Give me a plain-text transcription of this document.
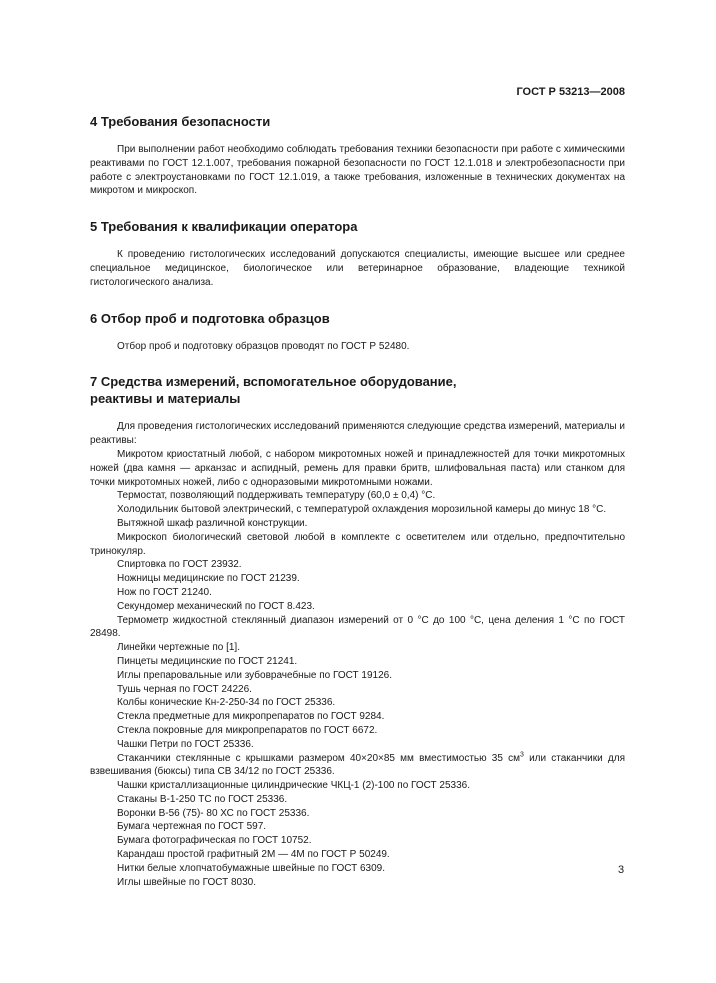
ГОСТ Р 53213—2008
4 Требования безопасности

При выполнении работ необходимо соблюдать требования техники безопасности при работе с химическими реактивами по ГОСТ 12.1.007, требования пожарной безопасности по ГОСТ 12.1.018 и электробезопасности при работе с электроустановками по ГОСТ 12.1.019, а также требования, изложенные в технических документах на микротом и микроскоп.

5 Требования к квалификации оператора

К проведению гистологических исследований допускаются специалисты, имеющие высшее или среднее специальное медицинское, биологическое или ветеринарное образование, владеющие техникой гистологического анализа.

6 Отбор проб и подготовка образцов

Отбор проб и подготовку образцов проводят по ГОСТ Р 52480.

7 Средства измерений, вспомогательное оборудование, реактивы и материалы

Для проведения гистологических исследований применяются следующие средства измерений, материалы и реактивы:

Микротом криостатный любой, с набором микротомных ножей и принадлежностей для точки микротомных ножей (два камня — арканзас и аспидный, ремень для правки бритв, шлифовальная паста) или станком для точки микротомных ножей, либо с одноразовыми микротомными ножами.

Термостат, позволяющий поддерживать температуру (60,0 ± 0,4) °С.

Холодильник бытовой электрический, с температурой охлаждения морозильной камеры до минус 18 °С.

Вытяжной шкаф различной конструкции.

Микроскоп биологический световой любой в комплекте с осветителем или отдельно, предпочтительно тринокуляр.

Спиртовка по ГОСТ 23932.

Ножницы медицинские по ГОСТ 21239.

Нож по ГОСТ 21240.

Секундомер механический по ГОСТ 8.423.

Термометр жидкостной стеклянный диапазон измерений от 0 °С до 100 °С, цена деления 1 °С по ГОСТ 28498.

Линейки чертежные по [1].

Пинцеты медицинские по ГОСТ 21241.

Иглы препаровальные или зубоврачебные по ГОСТ 19126.

Тушь черная по ГОСТ 24226.

Колбы конические Кн-2-250-34 по ГОСТ 25336.

Стекла предметные для микропрепаратов по ГОСТ 9284.

Стекла покровные для микропрепаратов по ГОСТ 6672.

Чашки Петри по ГОСТ 25336.

Стаканчики стеклянные с крышками размером 40×20×85 мм вместимостью 35 $см^3$ или стаканчики для взвешивания (бюксы) типа СВ 34/12 по ГОСТ 25336.

Чашки кристаллизационные цилиндрические ЧКЦ-1 (2)-100 по ГОСТ 25336.

Стаканы В-1-250 ТС по ГОСТ 25336.

Воронки В-56 (75)- 80 ХС по ГОСТ 25336.

Бумага чертежная по ГОСТ 597.

Бумага фотографическая по ГОСТ 10752.

Карандаш простой графитный 2М — 4М по ГОСТ Р 50249.

Нитки белые хлопчатобумажные швейные по ГОСТ 6309.

Иглы швейные по ГОСТ 8030.

3
